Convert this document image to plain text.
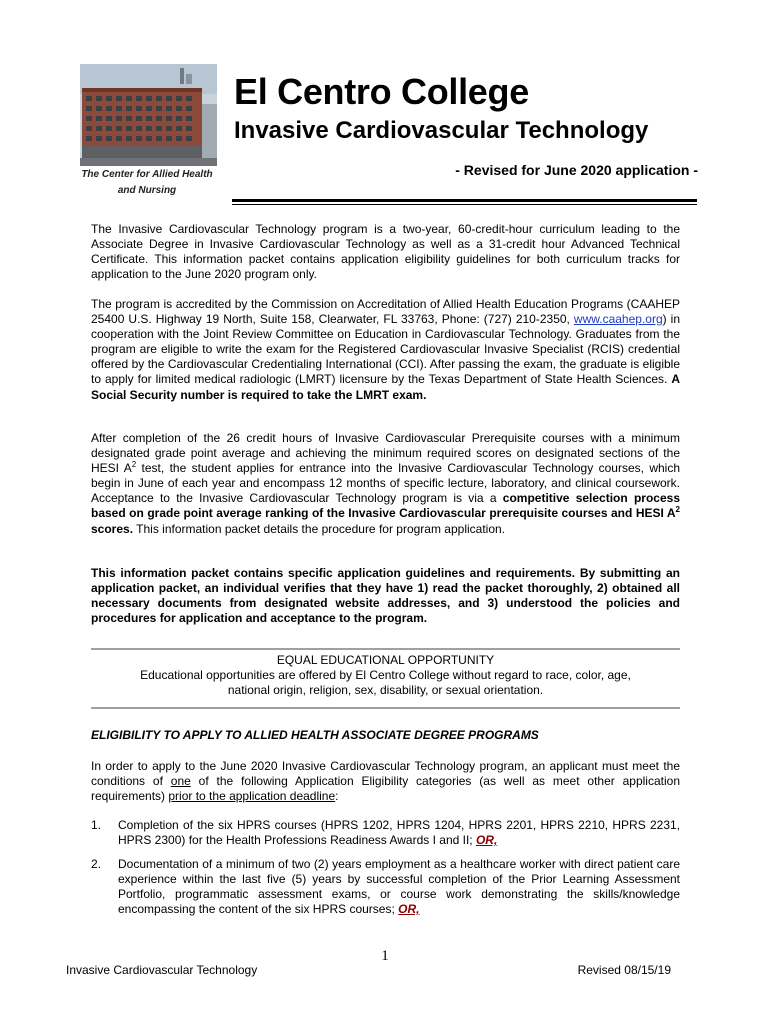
The Center for Allied Health
and Nursing
El Centro College
Invasive Cardiovascular Technology
- Revised for June 2020 application -
The Invasive Cardiovascular Technology program is a two-year, 60-credit-hour curriculum leading to the Associate Degree in Invasive Cardiovascular Technology as well as a 31-credit hour Advanced Technical Certificate. This information packet contains application eligibility guidelines for both curriculum tracks for application to the June 2020 program only.
The program is accredited by the Commission on Accreditation of Allied Health Education Programs (CAAHEP 25400 U.S. Highway 19 North, Suite 158, Clearwater, FL 33763, Phone: (727) 210-2350, www.caahep.org) in cooperation with the Joint Review Committee on Education in Cardiovascular Technology. Graduates from the program are eligible to write the exam for the Registered Cardiovascular Invasive Specialist (RCIS) credential offered by the Cardiovascular Credentialing International (CCI). After passing the exam, the graduate is eligible to apply for limited medical radiologic (LMRT) licensure by the Texas Department of State Health Sciences. A Social Security number is required to take the LMRT exam.
After completion of the 26 credit hours of Invasive Cardiovascular Prerequisite courses with a minimum designated grade point average and achieving the minimum required scores on designated sections of the HESI $A^2$ test, the student applies for entrance into the Invasive Cardiovascular Technology courses, which begin in June of each year and encompass 12 months of specific lecture, laboratory, and clinical coursework. Acceptance to the Invasive Cardiovascular Technology program is via a competitive selection process based on grade point average ranking of the Invasive Cardiovascular prerequisite courses and HESI $A^2$ scores. This information packet details the procedure for program application.
This information packet contains specific application guidelines and requirements. By submitting an application packet, an individual verifies that they have 1) read the packet thoroughly, 2) obtained all necessary documents from designated website addresses, and 3) understood the policies and procedures for application and acceptance to the program.
EQUAL EDUCATIONAL OPPORTUNITY
Educational opportunities are offered by El Centro College without regard to race, color, age,
national origin, religion, sex, disability, or sexual orientation.
ELIGIBILITY TO APPLY TO ALLIED HEALTH ASSOCIATE DEGREE PROGRAMS
In order to apply to the June 2020 Invasive Cardiovascular Technology program, an applicant must meet the conditions of one of the following Application Eligibility categories (as well as meet other application requirements) prior to the application deadline:
1. Completion of the six HPRS courses (HPRS 1202, HPRS 1204, HPRS 2201, HPRS 2210, HPRS 2231, HPRS 2300) for the Health Professions Readiness Awards I and II; OR,
2. Documentation of a minimum of two (2) years employment as a healthcare worker with direct patient care experience within the last five (5) years by successful completion of the Prior Learning Assessment Portfolio, programmatic assessment exams, or course work demonstrating the skills/knowledge encompassing the content of the six HPRS courses; OR,
1
Invasive Cardiovascular Technology	Revised 08/15/19
